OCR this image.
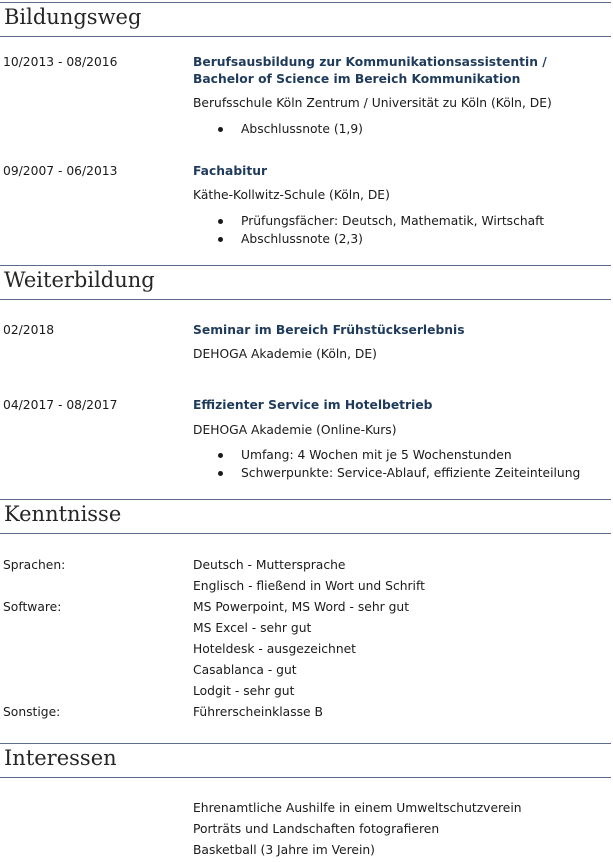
Bildungsweg
10/2013 - 08/2016	Berufsausbildung zur Kommunikationsassistentin / Bachelor of Science im Bereich Kommunikation
Berufsschule Köln Zentrum / Universität zu Köln (Köln, DE)
Abschlussnote (1,9)
09/2007 - 06/2013	Fachabitur
Käthe-Kollwitz-Schule (Köln, DE)
Prüfungsfächer: Deutsch, Mathematik, Wirtschaft
Abschlussnote (2,3)
Weiterbildung
02/2018	Seminar im Bereich Frühstückserlebnis
DEHOGA Akademie (Köln, DE)
04/2017 - 08/2017	Effizienter Service im Hotelbetrieb
DEHOGA Akademie (Online-Kurs)
Umfang: 4 Wochen mit je 5 Wochenstunden
Schwerpunkte: Service-Ablauf, effiziente Zeiteinteilung
Kenntnisse
Sprachen:	Deutsch - Muttersprache
Englisch - fließend in Wort und Schrift
Software:	MS Powerpoint, MS Word - sehr gut
MS Excel - sehr gut
Hoteldesk - ausgezeichnet
Casablanca - gut
Lodgit - sehr gut
Sonstige:	Führerscheinklasse B
Interessen
Ehrenamtliche Aushilfe in einem Umweltschutzverein
Porträts und Landschaften fotografieren
Basketball (3 Jahre im Verein)
